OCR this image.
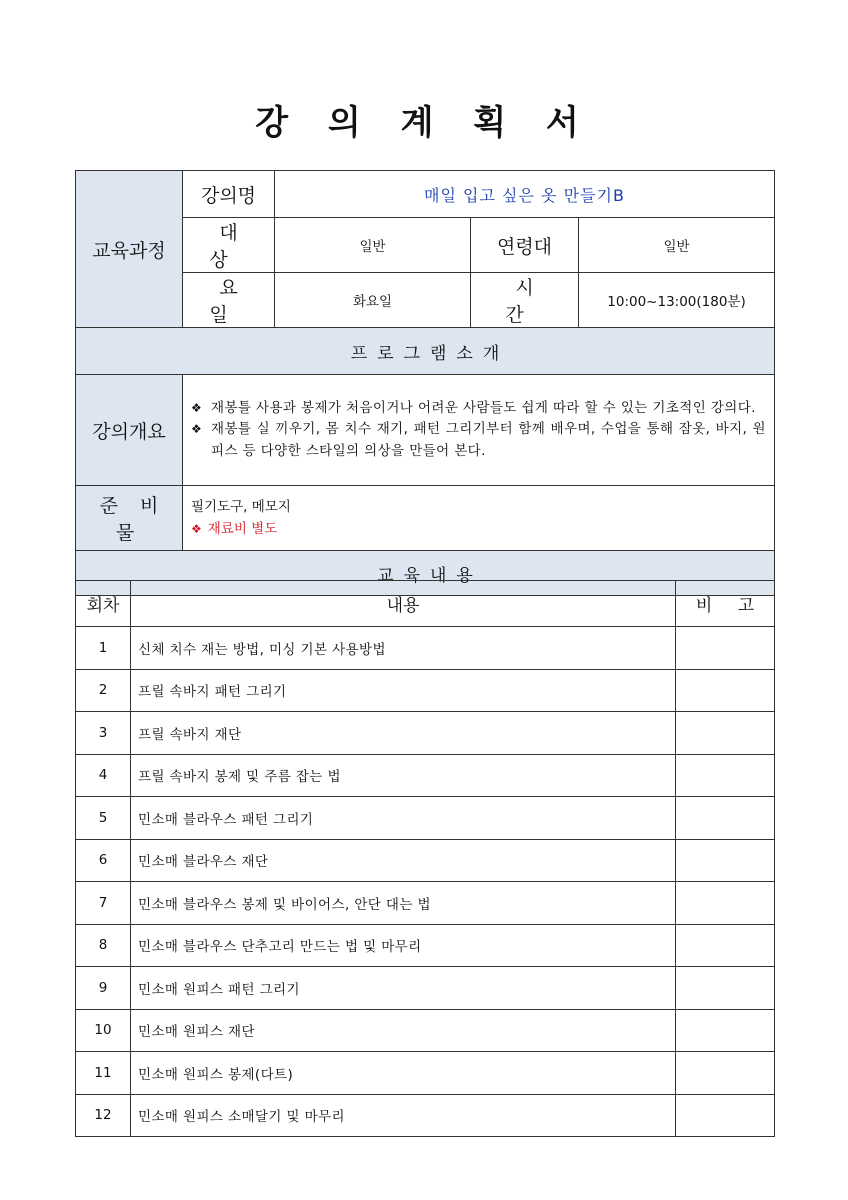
강 의 계 획 서
교육과정	강의명	매일 입고 싶은 옷 만들기B		
	대 상	일반	연령대	일반
	요 일	화요일	시 간	10:00~13:00(180분)
프로그램소개				
강의개요	❖ 재봉틀 사용과 봉제가 처음이거나 어려운 사람들도 쉽게 따라 할 수 있는 기초적인 강의다.
❖ 재봉틀 실 끼우기, 몸 치수 재기, 패턴 그리기부터 함께 배우며, 수업을 통해 잠옷, 바지, 원피스 등 다양한 스타일의 의상을 만들어 본다.			

준 비 물	필기도구, 메모지
❖ 재료비 별도			

교육내용				
회차	내용	비 고
1	신체 치수 재는 방법, 미싱 기본 사용방법	
2	프릴 속바지 패턴 그리기	
3	프릴 속바지 재단	
4	프릴 속바지 봉제 및 주름 잡는 법	
5	민소매 블라우스 패턴 그리기	
6	민소매 블라우스 재단	
7	민소매 블라우스 봉제 및 바이어스, 안단 대는 법	
8	민소매 블라우스 단추고리 만드는 법 및 마무리	
9	민소매 원피스 패턴 그리기	
10	민소매 원피스 재단	
11	민소매 원피스 봉제(다트)	
12	민소매 원피스 소매달기 및 마무리	
